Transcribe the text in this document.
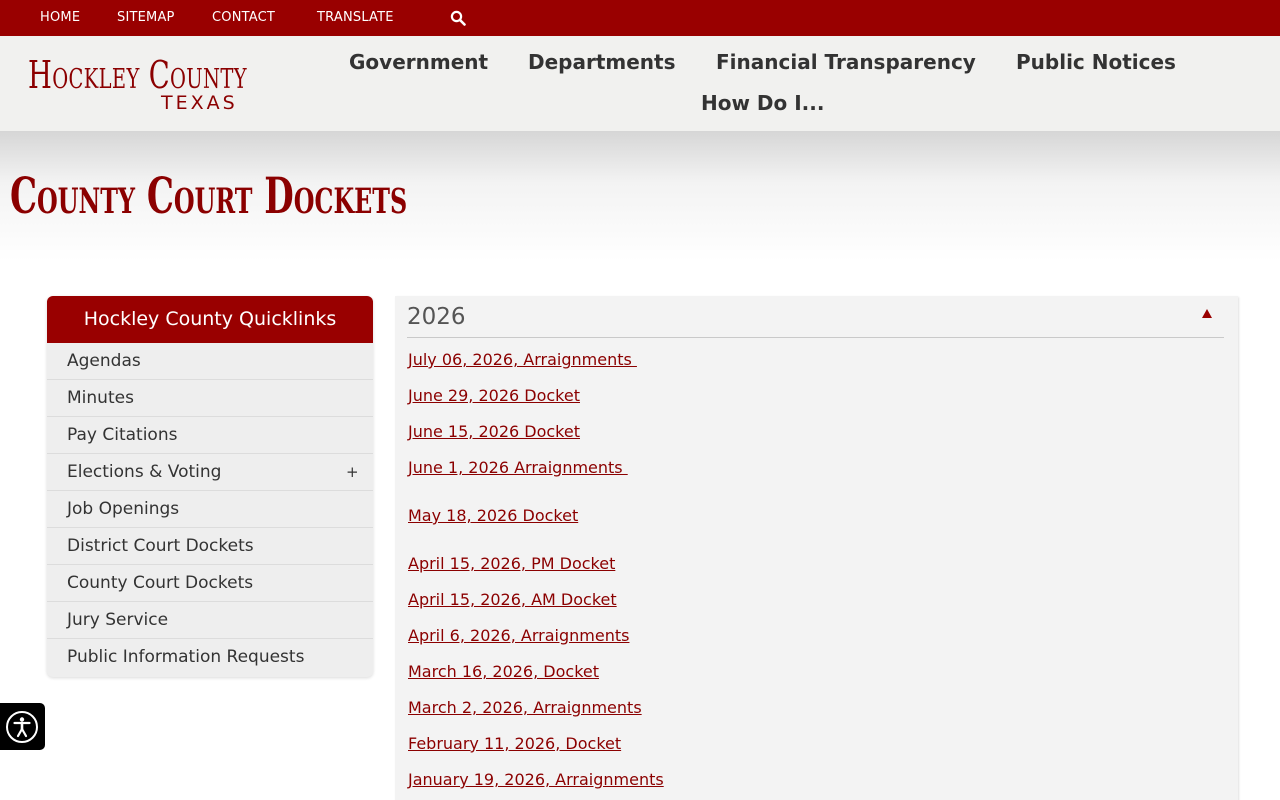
HOME	SITEMAP	CONTACT	TRANSLATE
Hockley County
TEXAS
Government Departments Financial Transparency Public Notices
How Do I...
County Court Dockets
Hockley County Quicklinks
Agendas
Minutes
Pay Citations
Elections & Voting	+
Job Openings
District Court Dockets
County Court Dockets
Jury Service
Public Information Requests
2026
July 06, 2026, Arraignments
June 29, 2026 Docket
June 15, 2026 Docket
June 1, 2026 Arraignments
May 18, 2026 Docket
April 15, 2026, PM Docket
April 15, 2026, AM Docket
April 6, 2026, Arraignments
March 16, 2026, Docket
March 2, 2026, Arraignments
February 11, 2026, Docket
January 19, 2026, Arraignments
